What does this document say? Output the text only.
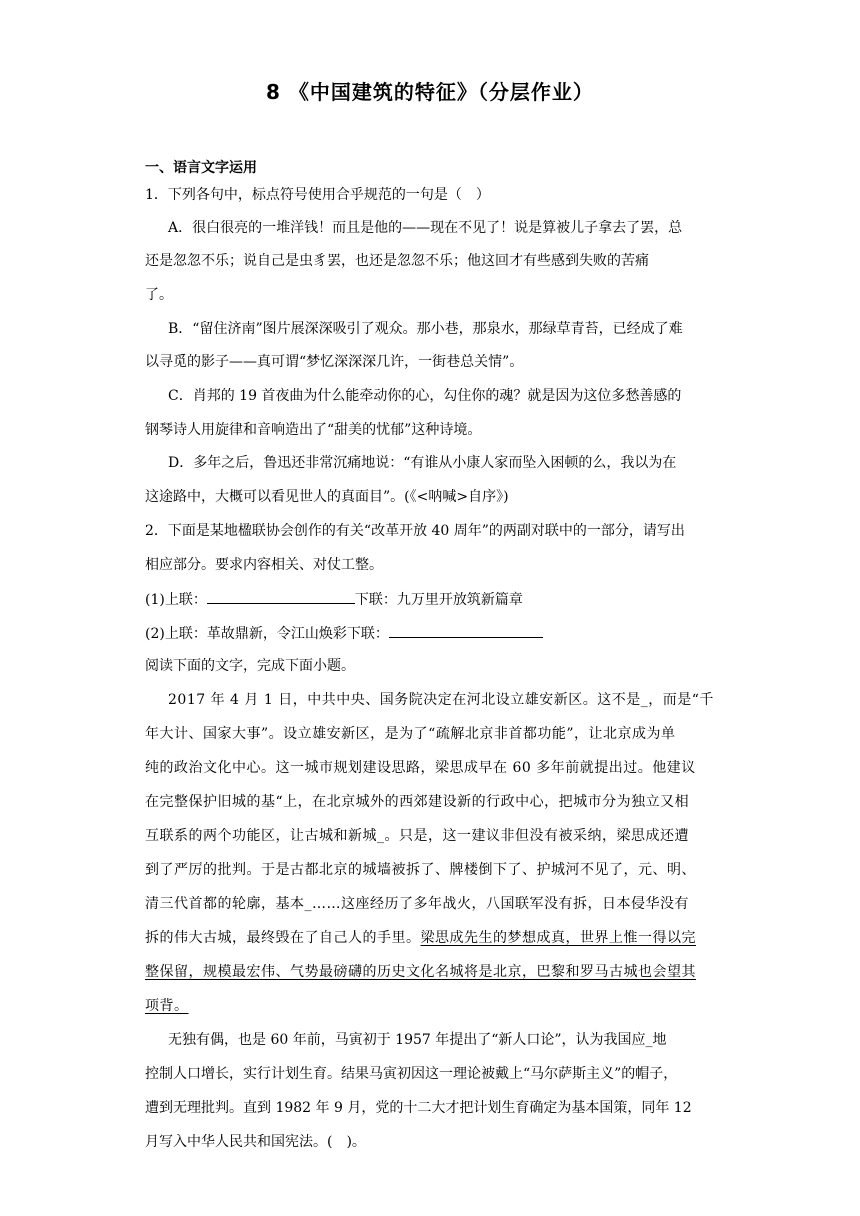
8 《中国建筑的特征》（分层作业）
一、语言文字运用
1．下列各句中，标点符号使用合乎规范的一句是（　）
A．很白很亮的一堆洋钱！而且是他的——现在不见了！说是算被儿子拿去了罢，总
还是忽忽不乐；说自己是虫豸罢，也还是忽忽不乐；他这回才有些感到失败的苦痛
了。
B．“留住济南”图片展深深吸引了观众。那小巷，那泉水，那绿草青苔，已经成了难
以寻觅的影子——真可谓“梦忆深深深几许，一街巷总关情”。
C．肖邦的 19 首夜曲为什么能牵动你的心，勾住你的魂？就是因为这位多愁善感的
钢琴诗人用旋律和音响造出了“甜美的忧郁”这种诗境。
D．多年之后，鲁迅还非常沉痛地说：“有谁从小康人家而坠入困顿的么，我以为在
这途路中，大概可以看见世人的真面目”。(《<呐喊>自序》)
2．下面是某地楹联协会创作的有关“改革开放 40 周年”的两副对联中的一部分，请写出
相应部分。要求内容相关、对仗工整。
(1)上联：	下联：九万里开放筑新篇章
(2)上联：革故鼎新，令江山焕彩下联：
阅读下面的文字，完成下面小题。
2017 年 4 月 1 日，中共中央、国务院决定在河北设立雄安新区。这不是_，而是“千
年大计、国家大事”。设立雄安新区，是为了“疏解北京非首都功能”，让北京成为单
纯的政治文化中心。这一城市规划建设思路，梁思成早在 60 多年前就提出过。他建议
在完整保护旧城的基“上，在北京城外的西郊建设新的行政中心，把城市分为独立又相
互联系的两个功能区，让古城和新城_。只是，这一建议非但没有被采纳，梁思成还遭
到了严厉的批判。于是古都北京的城墙被拆了、牌楼倒下了、护城河不见了，元、明、
清三代首都的轮廓，基本_……这座经历了多年战火，八国联军没有拆，日本侵华没有
拆的伟大古城，最终毁在了自己人的手里。梁思成先生的梦想成真，世界上惟一得以完
整保留，规模最宏伟、气势最磅礴的历史文化名城将是北京，巴黎和罗马古城也会望其
项背。
无独有偶，也是 60 年前，马寅初于 1957 年提出了“新人口论”，认为我国应_地
控制人口增长，实行计划生育。结果马寅初因这一理论被戴上“马尔萨斯主义”的帽子，
遭到无理批判。直到 1982 年 9 月，党的十二大才把计划生育确定为基本国策，同年 12
月写入中华人民共和国宪法。(　)。
